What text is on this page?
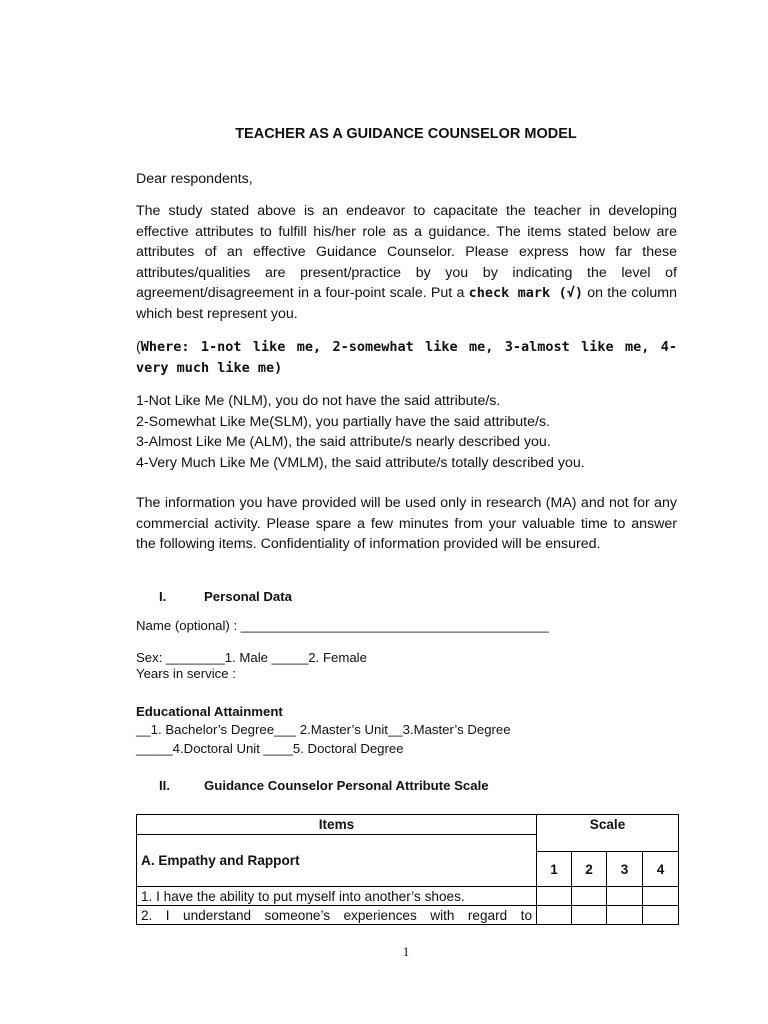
TEACHER AS A GUIDANCE COUNSELOR MODEL
Dear respondents,
The study stated above is an endeavor to capacitate the teacher in developing effective attributes to fulfill his/her role as a guidance. The items stated below are attributes of an effective Guidance Counselor. Please express how far these attributes/qualities are present/practice by you by indicating the level of agreement/disagreement in a four-point scale. Put a check mark (√) on the column which best represent you.
(Where: 1-not like me, 2-somewhat like me, 3-almost like me, 4- very much like me)
1-Not Like Me (NLM), you do not have the said attribute/s.
2-Somewhat Like Me(SLM), you partially have the said attribute/s.
3-Almost Like Me (ALM), the said attribute/s nearly described you.
4-Very Much Like Me (VMLM), the said attribute/s totally described you.
The information you have provided will be used only in research (MA) and not for any commercial activity. Please spare a few minutes from your valuable time to answer the following items. Confidentiality of information provided will be ensured.
I.	Personal Data
Name (optional) : __________________________________________
Sex: ________1. Male _____2. Female
Years in service :
Educational Attainment
__1. Bachelor’s Degree___ 2.Master’s Unit__3.Master’s Degree
_____4.Doctoral Unit ____5. Doctoral Degree
II.	Guidance Counselor Personal Attribute Scale
Items	Scale			
A. Empathy and Rapport				
	1	2	3	4
1. I have the ability to put myself into another’s shoes.				
2. I understand someone’s experiences with regard to				
1
